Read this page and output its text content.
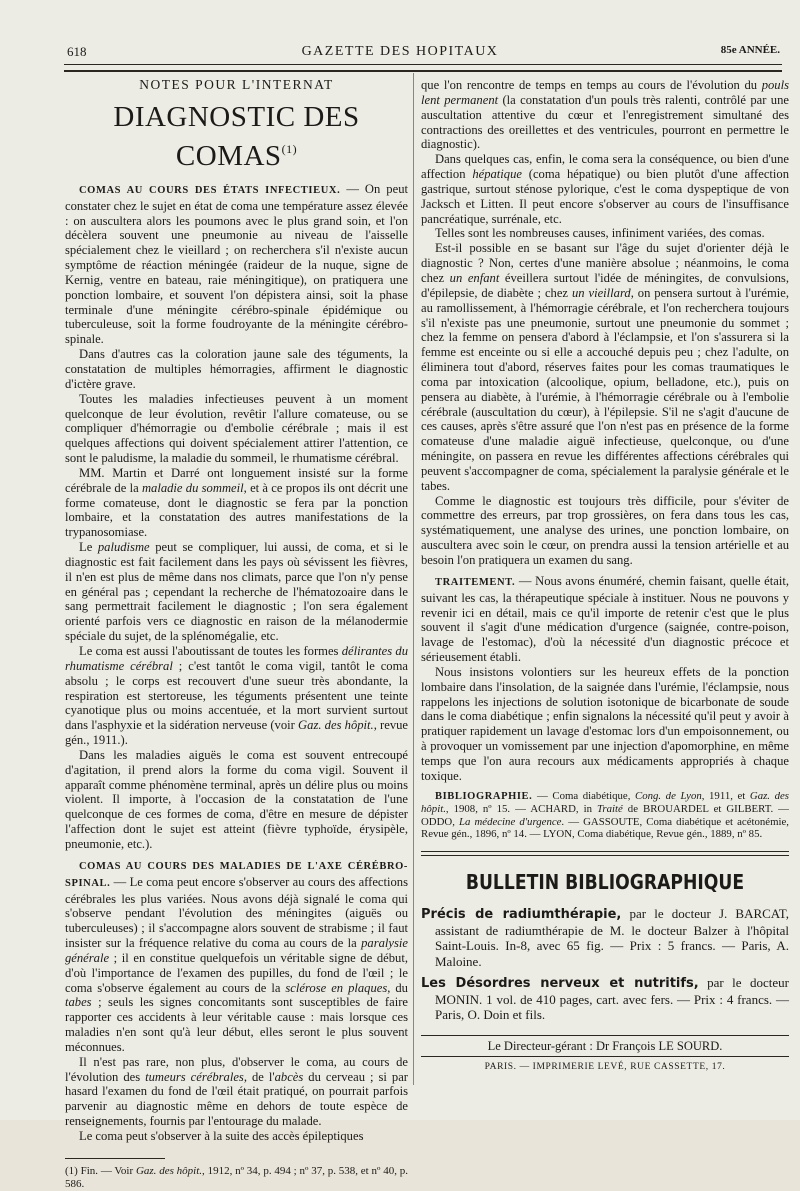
618	GAZETTE DES HOPITAUX	85e ANNÉE.
NOTES POUR L'INTERNAT
DIAGNOSTIC DES COMAS$^{(1)}$

COMAS AU COURS DES ÉTATS INFECTIEUX. — On peut constater chez le sujet en état de coma une température assez élevée : on auscultera alors les poumons avec le plus grand soin, et l'on décèlera souvent une pneumonie au niveau de l'aisselle spécialement chez le vieillard ; on recherchera s'il n'existe aucun symptôme de réaction méningée (raideur de la nuque, signe de Kernig, ventre en bateau, raie méningitique), on pratiquera une ponction lombaire, et souvent l'on dépistera ainsi, soit la phase terminale d'une méningite cérébro-spinale épidémique ou tuberculeuse, soit la forme foudroyante de la méningite cérébro-spinale.

Dans d'autres cas la coloration jaune sale des téguments, la constatation de multiples hémorragies, affirment le diagnostic d'ictère grave.

Toutes les maladies infectieuses peuvent à un moment quelconque de leur évolution, revêtir l'allure comateuse, ou se compliquer d'hémorragie ou d'embolie cérébrale ; mais il est quelques affections qui doivent spécialement attirer l'attention, ce sont le paludisme, la maladie du sommeil, le rhumatisme cérébral.

MM. Martin et Darré ont longuement insisté sur la forme cérébrale de la maladie du sommeil, et à ce propos ils ont décrit une forme comateuse, dont le diagnostic se fera par la ponction lombaire, et la constatation des autres manifestations de la trypanosomiase.

Le paludisme peut se compliquer, lui aussi, de coma, et si le diagnostic est fait facilement dans les pays où sévissent les fièvres, il n'en est plus de même dans nos climats, parce que l'on n'y pense en général pas ; cependant la recherche de l'hématozoaire dans le sang permettrait facilement le diagnostic ; l'on sera également orienté parfois vers ce diagnostic en raison de la mélanodermie spéciale du sujet, de la splénomégalie, etc.

Le coma est aussi l'aboutissant de toutes les formes délirantes du rhumatisme cérébral ; c'est tantôt le coma vigil, tantôt le coma absolu ; le corps est recouvert d'une sueur très abondante, la respiration est stertoreuse, les téguments présentent une teinte cyanotique plus ou moins accentuée, et la mort survient surtout dans l'asphyxie et la sidération nerveuse (voir Gaz. des hôpit., revue gén., 1911.).

Dans les maladies aiguës le coma est souvent entrecoupé d'agitation, il prend alors la forme du coma vigil. Souvent il apparaît comme phénomène terminal, après un délire plus ou moins violent. Il importe, à l'occasion de la constatation de l'une quelconque de ces formes de coma, d'être en mesure de dépister l'affection dont le sujet est atteint (fièvre typhoïde, érysipèle, pneumonie, etc.).

COMAS AU COURS DES MALADIES DE L'AXE CÉRÉBRO-SPINAL. — Le coma peut encore s'observer au cours des affections cérébrales les plus variées. Nous avons déjà signalé le coma qui s'observe pendant l'évolution des méningites (aiguës ou tuberculeuses) ; il s'accompagne alors souvent de strabisme ; il faut insister sur la fréquence relative du coma au cours de la paralysie générale ; il en constitue quelquefois un véritable signe de début, d'où l'importance de l'examen des pupilles, du fond de l'œil ; le coma s'observe également au cours de la sclérose en plaques, du tabes ; seuls les signes concomitants sont susceptibles de faire rapporter ces accidents à leur véritable cause : mais lorsque ces maladies n'en sont qu'à leur début, elles seront le plus souvent méconnues.

Il n'est pas rare, non plus, d'observer le coma, au cours de l'évolution des tumeurs cérébrales, de l'abcès du cerveau ; si par hasard l'examen du fond de l'œil était pratiqué, on pourrait parfois parvenir au diagnostic même en dehors de toute espèce de renseignements, fournis par l'entourage du malade.

Le coma peut s'observer à la suite des accès épileptiques

(1) Fin. — Voir Gaz. des hôpit., 1912, nº 34, p. 494 ; nº 37, p. 538, et nº 40, p. 586.

que l'on rencontre de temps en temps au cours de l'évolution du pouls lent permanent (la constatation d'un pouls très ralenti, contrôlé par une auscultation attentive du cœur et l'enregistrement simultané des contractions des oreillettes et des ventricules, pourront en permettre le diagnostic).

Dans quelques cas, enfin, le coma sera la conséquence, ou bien d'une affection hépatique (coma hépatique) ou bien plutôt d'une affection gastrique, surtout sténose pylorique, c'est le coma dyspeptique de von Jacksch et Litten. Il peut encore s'observer au cours de l'insuffisance pancréatique, surrénale, etc.

Telles sont les nombreuses causes, infiniment variées, des comas.

Est-il possible en se basant sur l'âge du sujet d'orienter déjà le diagnostic ? Non, certes d'une manière absolue ; néanmoins, le coma chez un enfant éveillera surtout l'idée de méningites, de convulsions, d'épilepsie, de diabète ; chez un vieillard, on pensera surtout à l'urémie, au ramollissement, à l'hémorragie cérébrale, et l'on recherchera toujours s'il n'existe pas une pneumonie, surtout une pneumonie du sommet ; chez la femme on pensera d'abord à l'éclampsie, et l'on s'assurera si la femme est enceinte ou si elle a accouché depuis peu ; chez l'adulte, on éliminera tout d'abord, réserves faites pour les comas traumatiques le coma par intoxication (alcoolique, opium, belladone, etc.), puis on pensera au diabète, à l'urémie, à l'hémorragie cérébrale ou à l'embolie cérébrale (auscultation du cœur), à l'épilepsie. S'il ne s'agit d'aucune de ces causes, après s'être assuré que l'on n'est pas en présence de la forme comateuse d'une maladie aiguë infectieuse, quelconque, ou d'une méningite, on passera en revue les différentes affections cérébrales qui peuvent s'accompagner de coma, spécialement la paralysie générale et le tabes.

Comme le diagnostic est toujours très difficile, pour s'éviter de commettre des erreurs, par trop grossières, on fera dans tous les cas, systématiquement, une analyse des urines, une ponction lombaire, on auscultera avec soin le cœur, on prendra aussi la tension artérielle et au besoin l'on pratiquera un examen du sang.

TRAITEMENT. — Nous avons énuméré, chemin faisant, quelle était, suivant les cas, la thérapeutique spéciale à instituer. Nous ne pouvons y revenir ici en détail, mais ce qu'il importe de retenir c'est que le plus souvent il s'agit d'une médication d'urgence (saignée, contre-poison, lavage de l'estomac), d'où la nécessité d'un diagnostic précoce et sérieusement établi.

Nous insistons volontiers sur les heureux effets de la ponction lombaire dans l'insolation, de la saignée dans l'urémie, l'éclampsie, nous rappelons les injections de solution isotonique de bicarbonate de soude dans le coma diabétique ; enfin signalons la nécessité qu'il peut y avoir à pratiquer rapidement un lavage d'estomac lors d'un empoisonnement, ou à provoquer un vomissement par une injection d'apomorphine, en même temps que l'on aura recours aux médicaments appropriés à chaque toxique.

BIBLIOGRAPHIE. — Coma diabétique, Cong. de Lyon, 1911, et Gaz. des hôpit., 1908, nº 15. — ACHARD, in Traité de BROUARDEL et GILBERT. — ODDO, La médecine d'urgence. — GASSOUTE, Coma diabétique et acétonémie, Revue gén., 1896, nº 14. — LYON, Coma diabétique, Revue gén., 1889, nº 85.

BULLETIN BIBLIOGRAPHIQUE

Précis de radiumthérapie, par le docteur J. BARCAT, assistant de radiumthérapie de M. le docteur Balzer à l'hôpital Saint-Louis. In-8, avec 65 fig. — Prix : 5 francs. — Paris, A. Maloine.

Les Désordres nerveux et nutritifs, par le docteur MONIN. 1 vol. de 410 pages, cart. avec fers. — Prix : 4 francs. — Paris, O. Doin et fils.

Le Directeur-gérant : Dr François LE SOURD.
PARIS. — IMPRIMERIE LEVÉ, RUE CASSETTE, 17.
